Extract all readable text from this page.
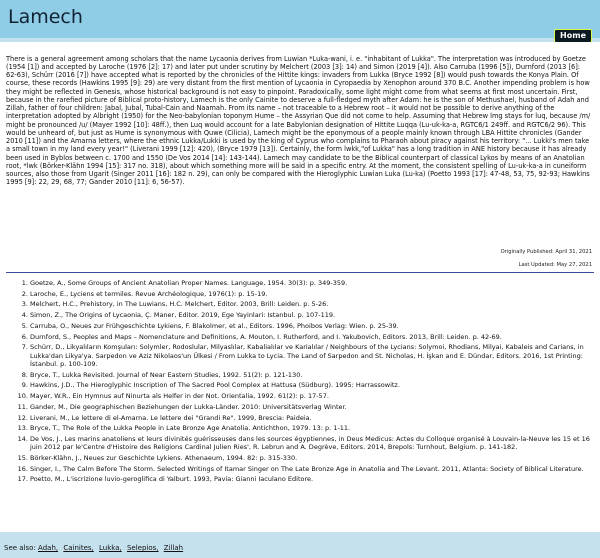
Lamech
Home

There is a general agreement among scholars that the name Lycaonia derives from Luwian *Luka-wani, i. e. "inhabitant of Lukka". The interpretation was introduced by Goetze (1954 [1]) and accepted by Laroche (1976 [2]: 17) and later put under scrutiny by Melchert (2003 [3]: 14) and Simon (2019 [4]). Also Carruba (1996 [5]), Durnford (2013 [6]: 62-63), Schürr (2016 [7]) have accepted what is reported by the chronicles of the Hittite kings: invaders from Lukka (Bryce 1992 [8]) would push towards the Konya Plain. Of course, these records (Hawkins 1995 [9]: 29) are very distant from the first mention of Lycaonia in Cyropaedia by Xenophon around 370 B.C. Another impending problem is how they might be reflected in Genesis, whose historical background is not easy to pinpoint. Paradoxically, some light might come from what seems at first most uncertain. First, because in the rarefied picture of Biblical proto-history, Lamech is the only Cainite to deserve a full-fledged myth after Adam: he is the son of Methushael, husband of Adah and Zillah, father of four children: Jabal, Jubal, Tubal-Cain and Naamah. From its name – not traceable to a Hebrew root – it would not be possible to derive anything of the interpretation adopted by Albright (1950) for the Neo-babylonian toponym Hume – the Assyrian Que did not come to help. Assuming that Hebrew lmg stays for luq, because /m/ might be pronounced /u/ (Mayer 1992 [10]: 48ff.), then Luq would account for a late Babylonian designation of Hittite Luqqa (Lu-uk-ka-a, RGTC6/1 249ff. and RGTC6/2 96). This would be unheard of, but just as Hume is synonymous with Quwe (Cilicia), Lamech might be the eponymous of a people mainly known through LBA Hittite chronicles (Gander 2010 [11]) and the Amarna letters, where the ethnic Lukka/Lukki is used by the king of Cyprus who complains to Pharaoh about piracy against his territory: "... Lukki's men take a small town in my land every year!" (Liverani 1999 [12]: 420), (Bryce 1979 [13]). Certainly, the form lwkk,"of Lukka" has a long tradition in ANE history because it has already been used in Byblos between c. 1700 and 1550 (De Vos 2014 [14]: 143-144). Lamech may candidate to be the Biblical counterpart of classical Lykos by means of an Anatolian root, *lwk (Börker-Klähn 1994 [15]: 317 no. 318), about which something more will be said in a specific entry. At the moment, the consistent spelling of Lu-uk-ka-a in cuneiform sources, also those from Ugarit (Singer 2011 [16]: 182 n. 29), can only be compared with the Hieroglyphic Luwian Luka (Lu-ka) (Poetto 1993 [17]: 47-48, 53, 75, 92-93; Hawkins 1995 [9]: 22, 29, 68, 77; Gander 2010 [11]: 6, 56-57).

Originally Published: April 31, 2021
Last Updated: May 27, 2021
1. Goetze, A., Some Groups of Ancient Anatolian Proper Names. Language, 1954. 30(3): p. 349-359.
2. Laroche, E., Lyciens et termiles. Revue Archéologique, 1976(1): p. 15-19.
3. Melchert, H.C., Prehistory, in The Luwians, H.C. Melchert, Editor. 2003, Brill: Leiden. p. 5-26.
4. Simon, Z., The Origins of Lycaonia, Ç. Maner, Editor. 2019, Ege Yayinlari: Istanbul. p. 107-119.
5. Carruba, O., Neues zur Frühgeschichte Lykiens, F. Blakolmer, et al., Editors. 1996, Phoibos Verlag: Wien. p. 25-39.
6. Durnford, S., Peoples and Maps – Nomenclature and Definitions, A. Mouton, I. Rutherford, and I. Yakubovich, Editors. 2013, Brill: Leiden. p. 42-69.
7. Schürr, D., Likyalıların Komşuları: Solymler, Rodoslular, Milyaslılar, Kabalialılar ve Karialılar / Neighbours of the Lycians: Solymoi, Rhodians, Milyai, Kabaleis and Carians, in Lukka'dan Likya'ya. Sarpedon ve Aziz Nikolaos'un Ülkesi / From Lukka to Lycia. The Land of Sarpedon and St. Nicholas, H. İşkan and E. Dündar, Editors. 2016, 1st Printing: İstanbul. p. 100-109.
8. Bryce, T., Lukka Revisited. Journal of Near Eastern Studies, 1992. 51(2): p. 121-130.
9. Hawkins, J.D., The Hieroglyphic Inscription of The Sacred Pool Complex at Hattusa (Südburg). 1995: Harrassowitz.
10. Mayer, W.R., Ein Hymnus auf Ninurta als Helfer in der Not. Orientalia, 1992. 61(2): p. 17-57.
11. Gander, M., Die geographischen Beziehungen der Lukka-Länder. 2010: Universitätsverlag Winter.
12. Liverani, M., Le lettere di el-Amarna. Le lettere dei "Grandi Re". 1999, Brescia: Paideia.
13. Bryce, T., The Role of the Lukka People in Late Bronze Age Anatolia. Antichthon, 1979. 13: p. 1-11.
14. De Vos, J., Les marins anatoliens et leurs divinités guérisseuses dans les sources égyptiennes, in Deus Medicus: Actes du Colloque organisé à Louvain-la-Neuve les 15 et 16 juin 2012 par le'Centre d'Histoire des Religions Cardinal Julien Ries', R. Lebrun and A. Degrève, Editors. 2014, Brepols: Turnhout, Belgium. p. 141-182.
15. Börker-Klähn, J., Neues zur Geschichte Lykiens. Athenaeum, 1994. 82: p. 315-330.
16. Singer, I., The Calm Before The Storm. Selected Writings of Itamar Singer on The Late Bronze Age in Anatolia and The Levant. 2011, Atlanta: Society of Biblical Literature.
17. Poetto, M., L'iscrizione luvio-geroglifica di Yalburt. 1993, Pavia: Gianni Iaculano Editore.
See also: Adah, Cainites, Lukka, Selepios, Zillah
